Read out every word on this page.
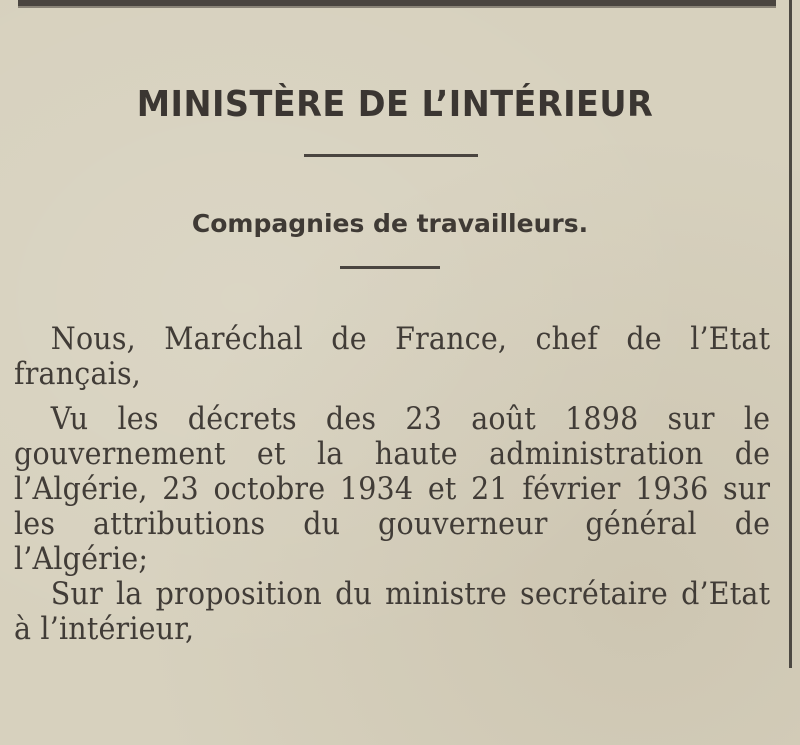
MINISTÈRE DE L’INTÉRIEUR
Compagnies de travailleurs.

Nous, Maréchal de France, chef de l’Etat français,

Vu les décrets des 23 août 1898 sur le gouvernement et la haute administration de l’Algérie, 23 octobre 1934 et 21 février 1936 sur les attributions du gouverneur général de l’Algérie;

Sur la proposition du ministre secrétaire d’Etat à l’intérieur,
